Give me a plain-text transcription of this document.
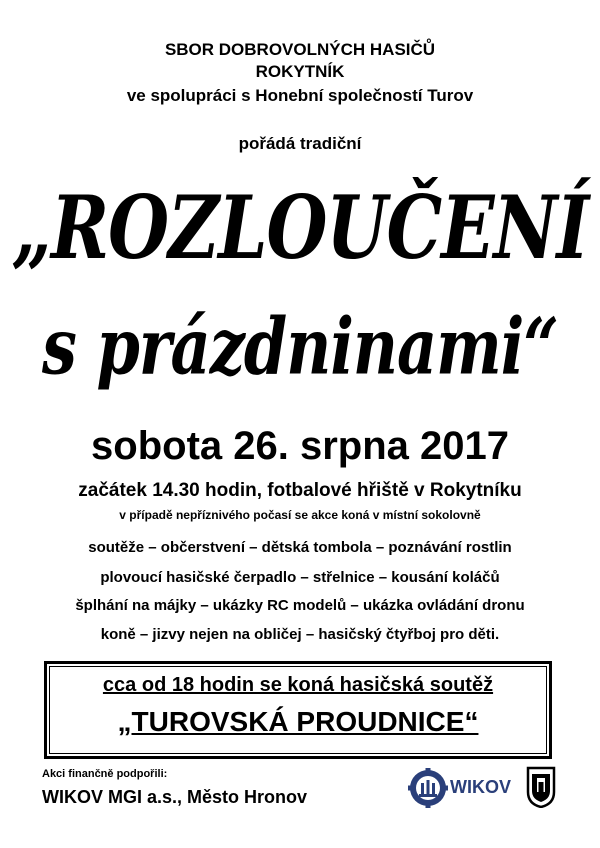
SBOR DOBROVOLNÝCH HASIČŮ
ROKYTNÍK
ve spolupráci s Honební společností Turov
pořádá tradiční
„ROZLOUČENÍ
s prázdninami“
sobota 26. srpna 2017
začátek 14.30 hodin, fotbalové hřiště v Rokytníku
v případě nepříznivého počasí se akce koná v místní sokolovně
soutěže – občerstvení – dětská tombola – poznávání rostlin
plovoucí hasičské čerpadlo – střelnice – kousání koláčů
šplhání na májky – ukázky RC modelů – ukázka ovládání dronu
koně – jizvy nejen na obličej – hasičský čtyřboj pro děti.
cca od 18 hodin se koná hasičská soutěž
„TUROVSKÁ PROUDNICE“
Akci finančně podpořili:
WIKOV MGI a.s., Město Hronov	WIKOV
